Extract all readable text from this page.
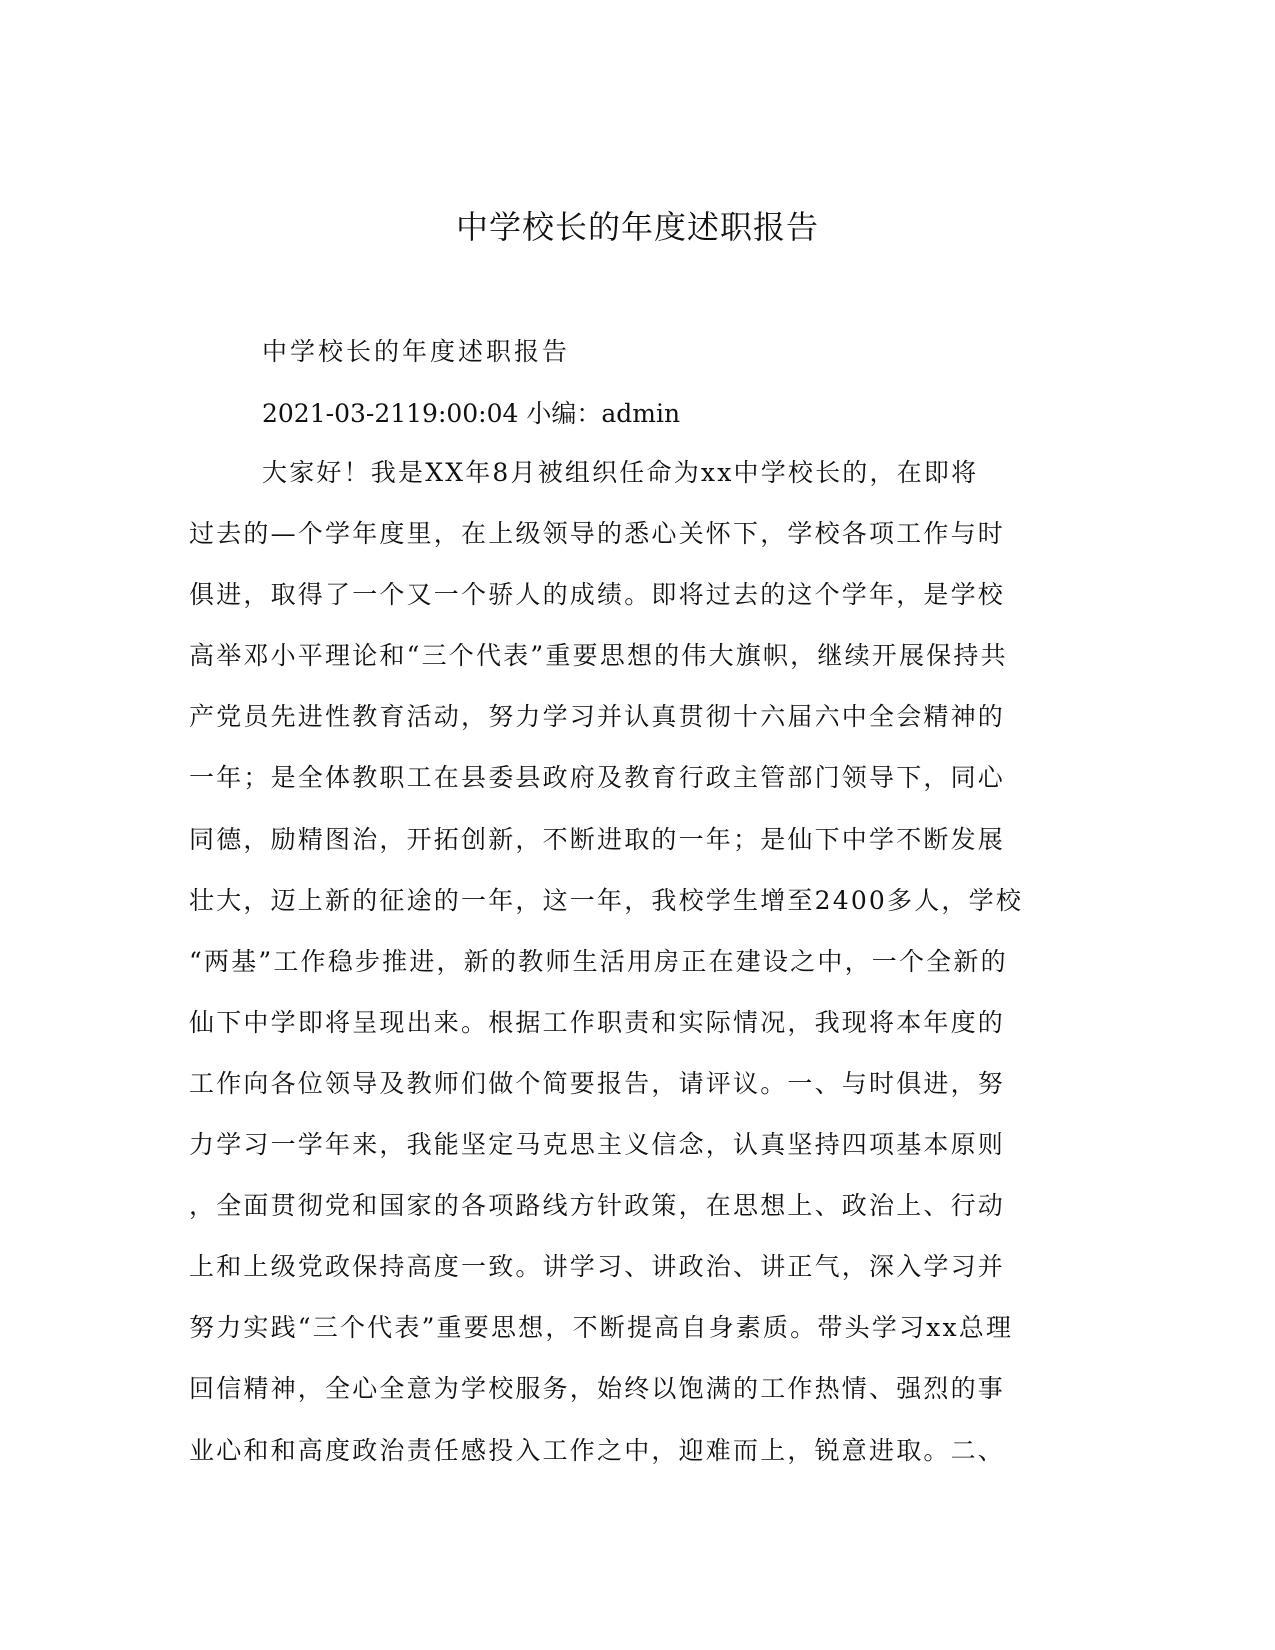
中学校长的年度述职报告
中学校长的年度述职报告
2021-03-2119:00:04 小编：admin
大家好！我是XX年8月被组织任命为xx中学校长的，在即将
过去的—个学年度里，在上级领导的悉心关怀下，学校各项工作与时
俱进，取得了一个又一个骄人的成绩。即将过去的这个学年，是学校
高举邓小平理论和“三个代表”重要思想的伟大旗帜，继续开展保持共
产党员先进性教育活动，努力学习并认真贯彻十六届六中全会精神的
一年；是全体教职工在县委县政府及教育行政主管部门领导下，同心
同德，励精图治，开拓创新，不断进取的一年；是仙下中学不断发展
壮大，迈上新的征途的一年，这一年，我校学生增至2400多人，学校
“两基”工作稳步推进，新的教师生活用房正在建设之中，一个全新的
仙下中学即将呈现出来。根据工作职责和实际情况，我现将本年度的
工作向各位领导及教师们做个简要报告，请评议。一、与时俱进，努
力学习一学年来，我能坚定马克思主义信念，认真坚持四项基本原则
，全面贯彻党和国家的各项路线方针政策，在思想上、政治上、行动
上和上级党政保持高度一致。讲学习、讲政治、讲正气，深入学习并
努力实践“三个代表”重要思想，不断提高自身素质。带头学习xx总理
回信精神，全心全意为学校服务，始终以饱满的工作热情、强烈的事
业心和和高度政治责任感投入工作之中，迎难而上，锐意进取。二、
